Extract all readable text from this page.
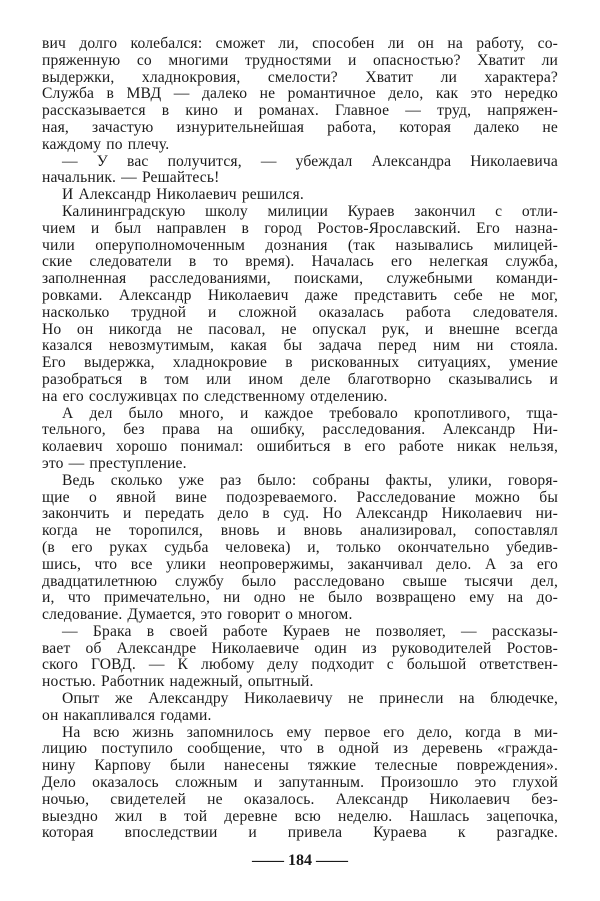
вич долго колебался: сможет ли, способен ли он на работу, со-
пряженную со многими трудностями и опасностью? Хватит ли
выдержки, хладнокровия, смелости? Хватит ли характера?
Служба в МВД — далеко не романтичное дело, как это нередко
рассказывается в кино и романах. Главное — труд, напряжен-
ная, зачастую изнурительнейшая работа, которая далеко не
каждому по плечу.
— У вас получится, — убеждал Александра Николаевича
начальник. — Решайтесь!
И Александр Николаевич решился.
Калининградскую школу милиции Кураев закончил с отли-
чием и был направлен в город Ростов-Ярославский. Его назна-
чили оперуполномоченным дознания (так назывались милицей-
ские следователи в то время). Началась его нелегкая служба,
заполненная расследованиями, поисками, служебными команди-
ровками. Александр Николаевич даже представить себе не мог,
насколько трудной и сложной оказалась работа следователя.
Но он никогда не пасовал, не опускал рук, и внешне всегда
казался невозмутимым, какая бы задача перед ним ни стояла.
Его выдержка, хладнокровие в рискованных ситуациях, умение
разобраться в том или ином деле благотворно сказывались и
на его сослуживцах по следственному отделению.
А дел было много, и каждое требовало кропотливого, тща-
тельного, без права на ошибку, расследования. Александр Ни-
колаевич хорошо понимал: ошибиться в его работе никак нельзя,
это — преступление.
Ведь сколько уже раз было: собраны факты, улики, говоря-
щие о явной вине подозреваемого. Расследование можно бы
закончить и передать дело в суд. Но Александр Николаевич ни-
когда не торопился, вновь и вновь анализировал, сопоставлял
(в его руках судьба человека) и, только окончательно убедив-
шись, что все улики неопровержимы, заканчивал дело. А за его
двадцатилетнюю службу было расследовано свыше тысячи дел,
и, что примечательно, ни одно не было возвращено ему на до-
следование. Думается, это говорит о многом.
— Брака в своей работе Кураев не позволяет, — рассказы-
вает об Александре Николаевиче один из руководителей Ростов-
ского ГОВД. — К любому делу подходит с большой ответствен-
ностью. Работник надежный, опытный.
Опыт же Александру Николаевичу не принесли на блюдечке,
он накапливался годами.
На всю жизнь запомнилось ему первое его дело, когда в ми-
лицию поступило сообщение, что в одной из деревень «гражда-
нину Карпову были нанесены тяжкие телесные повреждения».
Дело оказалось сложным и запутанным. Произошло это глухой
ночью, свидетелей не оказалось. Александр Николаевич без-
выездно жил в той деревне всю неделю. Нашлась зацепочка,
которая впоследствии и привела Кураева к разгадке.
—— 184 ——
